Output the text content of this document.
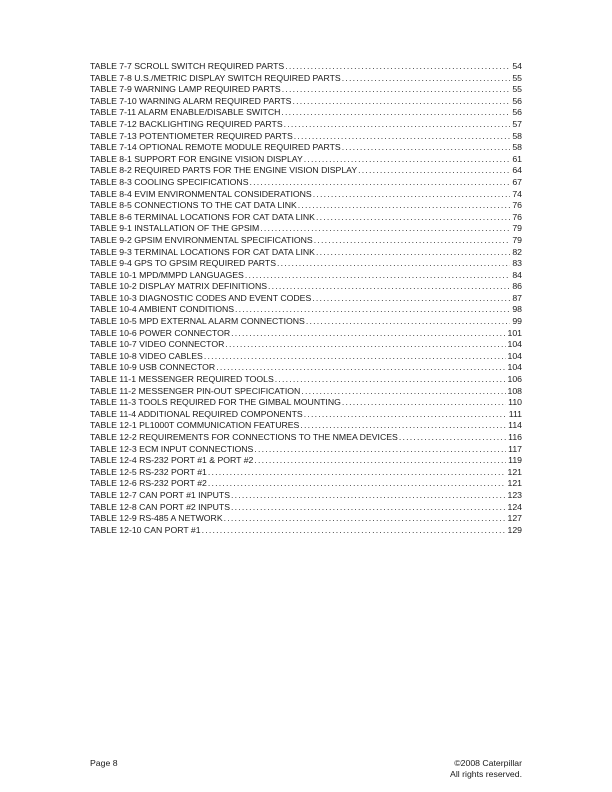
TABLE 7-7 SCROLL SWITCH REQUIRED PARTS . . .	54
TABLE 7-8 U.S./METRIC DISPLAY SWITCH REQUIRED PARTS . . .	55
TABLE 7-9 WARNING LAMP REQUIRED PARTS . . .	55
TABLE 7-10 WARNING ALARM REQUIRED PARTS . . .	56
TABLE 7-11 ALARM ENABLE/DISABLE SWITCH . . .	56
TABLE 7-12 BACKLIGHTING REQUIRED PARTS . . .	57
TABLE 7-13 POTENTIOMETER REQUIRED PARTS . . .	58
TABLE 7-14 OPTIONAL REMOTE MODULE REQUIRED PARTS . . .	58
TABLE 8-1 SUPPORT FOR ENGINE VISION DISPLAY . . .	61
TABLE 8-2 REQUIRED PARTS FOR THE ENGINE VISION DISPLAY . . .	64
TABLE 8-3 COOLING SPECIFICATIONS . . .	67
TABLE 8-4 EVIM ENVIRONMENTAL CONSIDERATIONS . . .	74
TABLE 8-5 CONNECTIONS TO THE CAT DATA LINK . . .	76
TABLE 8-6 TERMINAL LOCATIONS FOR CAT DATA LINK . . .	76
TABLE 9-1 INSTALLATION OF THE GPSIM . . .	79
TABLE 9-2 GPSIM ENVIRONMENTAL SPECIFICATIONS . . .	79
TABLE 9-3 TERMINAL LOCATIONS FOR CAT DATA LINK . . .	82
TABLE 9-4 GPS TO GPSIM REQUIRED PARTS . . .	83
TABLE 10-1 MPD/MMPD LANGUAGES . . .	84
TABLE 10-2 DISPLAY MATRIX DEFINITIONS . . .	86
TABLE 10-3 DIAGNOSTIC CODES AND EVENT CODES . . .	87
TABLE 10-4 AMBIENT CONDITIONS . . .	98
TABLE 10-5 MPD EXTERNAL ALARM CONNECTIONS . . .	99
TABLE 10-6 POWER CONNECTOR . . .	101
TABLE 10-7 VIDEO CONNECTOR . . .	104
TABLE 10-8 VIDEO CABLES . . .	104
TABLE 10-9 USB CONNECTOR . . .	104
TABLE 11-1 MESSENGER REQUIRED TOOLS . . .	106
TABLE 11-2 MESSENGER PIN-OUT SPECIFICATION . . .	108
TABLE 11-3 TOOLS REQUIRED FOR THE GIMBAL MOUNTING . . .	110
TABLE 11-4 ADDITIONAL REQUIRED COMPONENTS . . .	111
TABLE 12-1 PL1000T COMMUNICATION FEATURES . . .	114
TABLE 12-2 REQUIREMENTS FOR CONNECTIONS TO THE NMEA DEVICES . . .	116
TABLE 12-3 ECM INPUT CONNECTIONS . . .	117
TABLE 12-4 RS-232 PORT #1 & PORT #2 . . .	119
TABLE 12-5 RS-232 PORT #1 . . .	121
TABLE 12-6 RS-232 PORT #2 . . .	121
TABLE 12-7 CAN PORT #1 INPUTS . . .	123
TABLE 12-8 CAN PORT #2 INPUTS . . .	124
TABLE 12-9 RS-485 A NETWORK . . .	127
TABLE 12-10 CAN PORT #1 . . .	129
Page 8	©2008 Caterpillar
All rights reserved.
